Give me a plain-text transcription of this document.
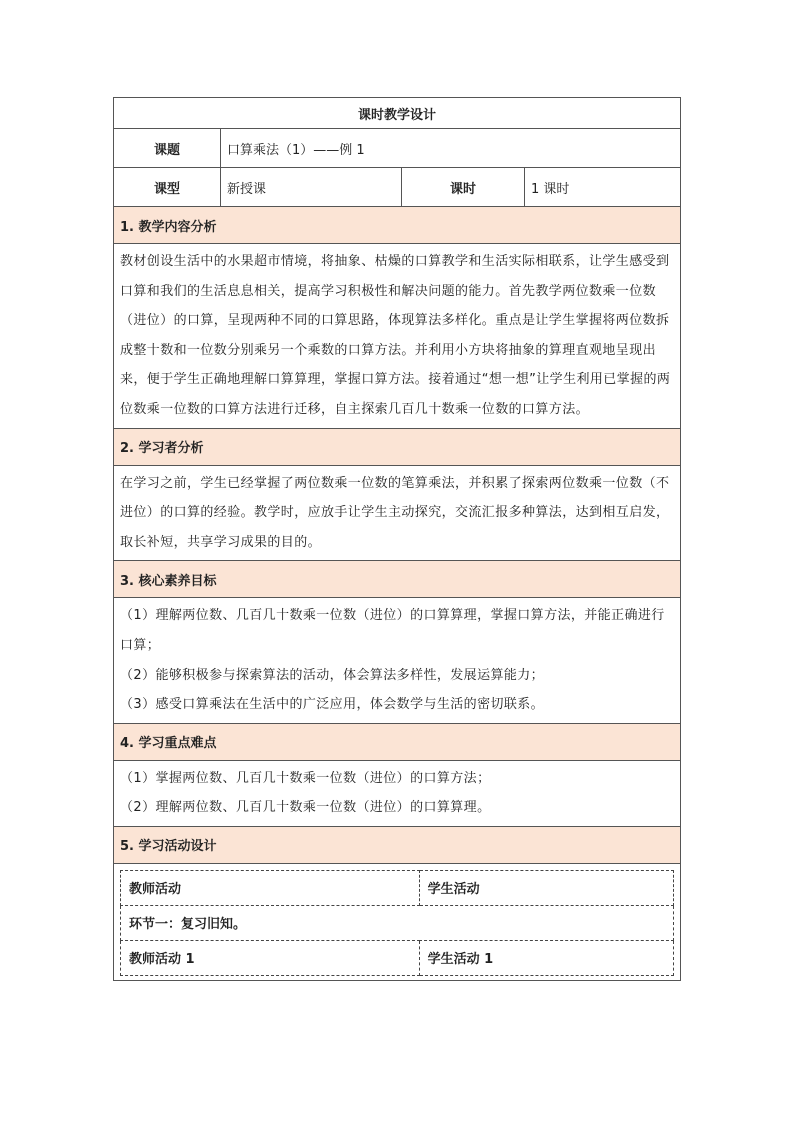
课时教学设计
课题	口算乘法（1）——例 1
课型	新授课	课时	1 课时
1. 教学内容分析

教材创设生活中的水果超市情境，将抽象、枯燥的口算教学和生活实际相联系，让学生感受到口算和我们的生活息息相关，提高学习积极性和解决问题的能力。首先教学两位数乘一位数（进位）的口算，呈现两种不同的口算思路，体现算法多样化。重点是让学生掌握将两位数拆成整十数和一位数分别乘另一个乘数的口算方法。并利用小方块将抽象的算理直观地呈现出来，便于学生正确地理解口算算理，掌握口算方法。接着通过“想一想”让学生利用已掌握的两位数乘一位数的口算方法进行迁移，自主探索几百几十数乘一位数的口算方法。

2. 学习者分析

在学习之前，学生已经掌握了两位数乘一位数的笔算乘法，并积累了探索两位数乘一位数（不进位）的口算的经验。教学时，应放手让学生主动探究，交流汇报多种算法，达到相互启发，取长补短，共享学习成果的目的。

3. 核心素养目标

（1）理解两位数、几百几十数乘一位数（进位）的口算算理，掌握口算方法，并能正确进行口算；

（2）能够积极参与探索算法的活动，体会算法多样性，发展运算能力；

（3）感受口算乘法在生活中的广泛应用，体会数学与生活的密切联系。

4. 学习重点难点

（1）掌握两位数、几百几十数乘一位数（进位）的口算方法；

（2）理解两位数、几百几十数乘一位数（进位）的口算算理。

5. 学习活动设计

教师活动	学生活动
环节一：复习旧知。
教师活动 1	学生活动 1
